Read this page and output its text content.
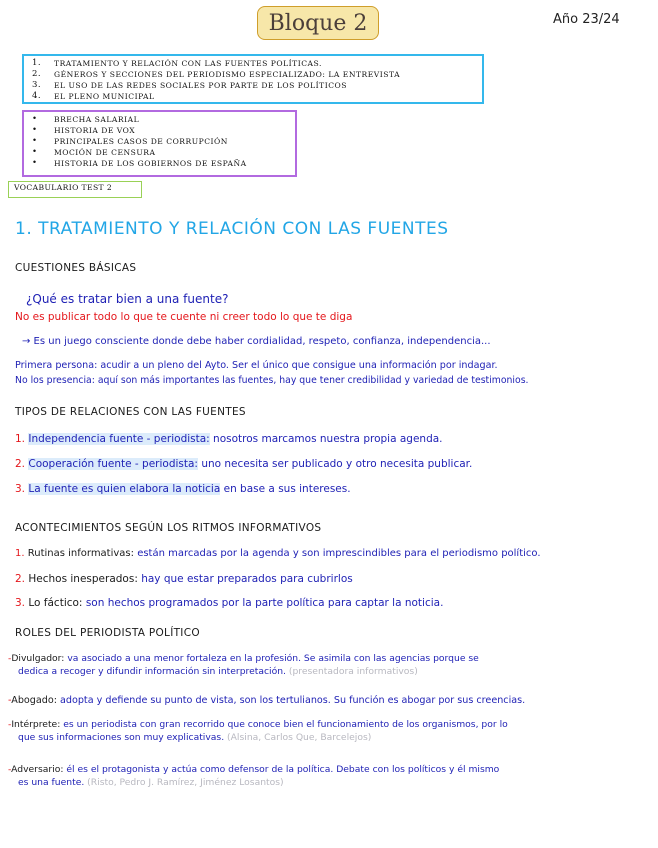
Bloque 2	Año 23/24
1.	TRATAMIENTO Y RELACIÓN CON LAS FUENTES POLÍTICAS.
2.	GÉNEROS Y SECCIONES DEL PERIODISMO ESPECIALIZADO: LA ENTREVISTA
3.	EL USO DE LAS REDES SOCIALES POR PARTE DE LOS POLÍTICOS
4.	EL PLENO MUNICIPAL
•	BRECHA SALARIAL
•	HISTORIA DE VOX
•	PRINCIPALES CASOS DE CORRUPCIÓN
•	MOCIÓN DE CENSURA
•	HISTORIA DE LOS GOBIERNOS DE ESPAÑA
VOCABULARIO TEST 2
1. TRATAMIENTO Y RELACIÓN CON LAS FUENTES
CUESTIONES BÁSICAS
¿Qué es tratar bien a una fuente?
No es publicar todo lo que te cuente ni creer todo lo que te diga
→ Es un juego consciente donde debe haber cordialidad, respeto, confianza, independencia...
Primera persona: acudir a un pleno del Ayto. Ser el único que consigue una información por indagar.
No los presencia: aquí son más importantes las fuentes, hay que tener credibilidad y variedad de testimonios.
TIPOS DE RELACIONES CON LAS FUENTES
1. Independencia fuente - periodista: nosotros marcamos nuestra propia agenda.
2. Cooperación fuente - periodista: uno necesita ser publicado y otro necesita publicar.
3. La fuente es quien elabora la noticia en base a sus intereses.
ACONTECIMIENTOS SEGÚN LOS RITMOS INFORMATIVOS
1. Rutinas informativas: están marcadas por la agenda y son imprescindibles para el periodismo político.
2. Hechos inesperados: hay que estar preparados para cubrirlos
3. Lo fáctico: son hechos programados por la parte política para captar la noticia.
ROLES DEL PERIODISTA POLÍTICO
-Divulgador: va asociado a una menor fortaleza en la profesión. Se asimila con las agencias porque se
dedica a recoger y difundir información sin interpretación. (presentadora informativos)
-Abogado: adopta y defiende su punto de vista, son los tertulianos. Su función es abogar por sus creencias.
-Intérprete: es un periodista con gran recorrido que conoce bien el funcionamiento de los organismos, por lo
que sus informaciones son muy explicativas. (Alsina, Carlos Que, Barcelejos)
-Adversario: él es el protagonista y actúa como defensor de la política. Debate con los políticos y él mismo
es una fuente. (Risto, Pedro J. Ramírez, Jiménez Losantos)
